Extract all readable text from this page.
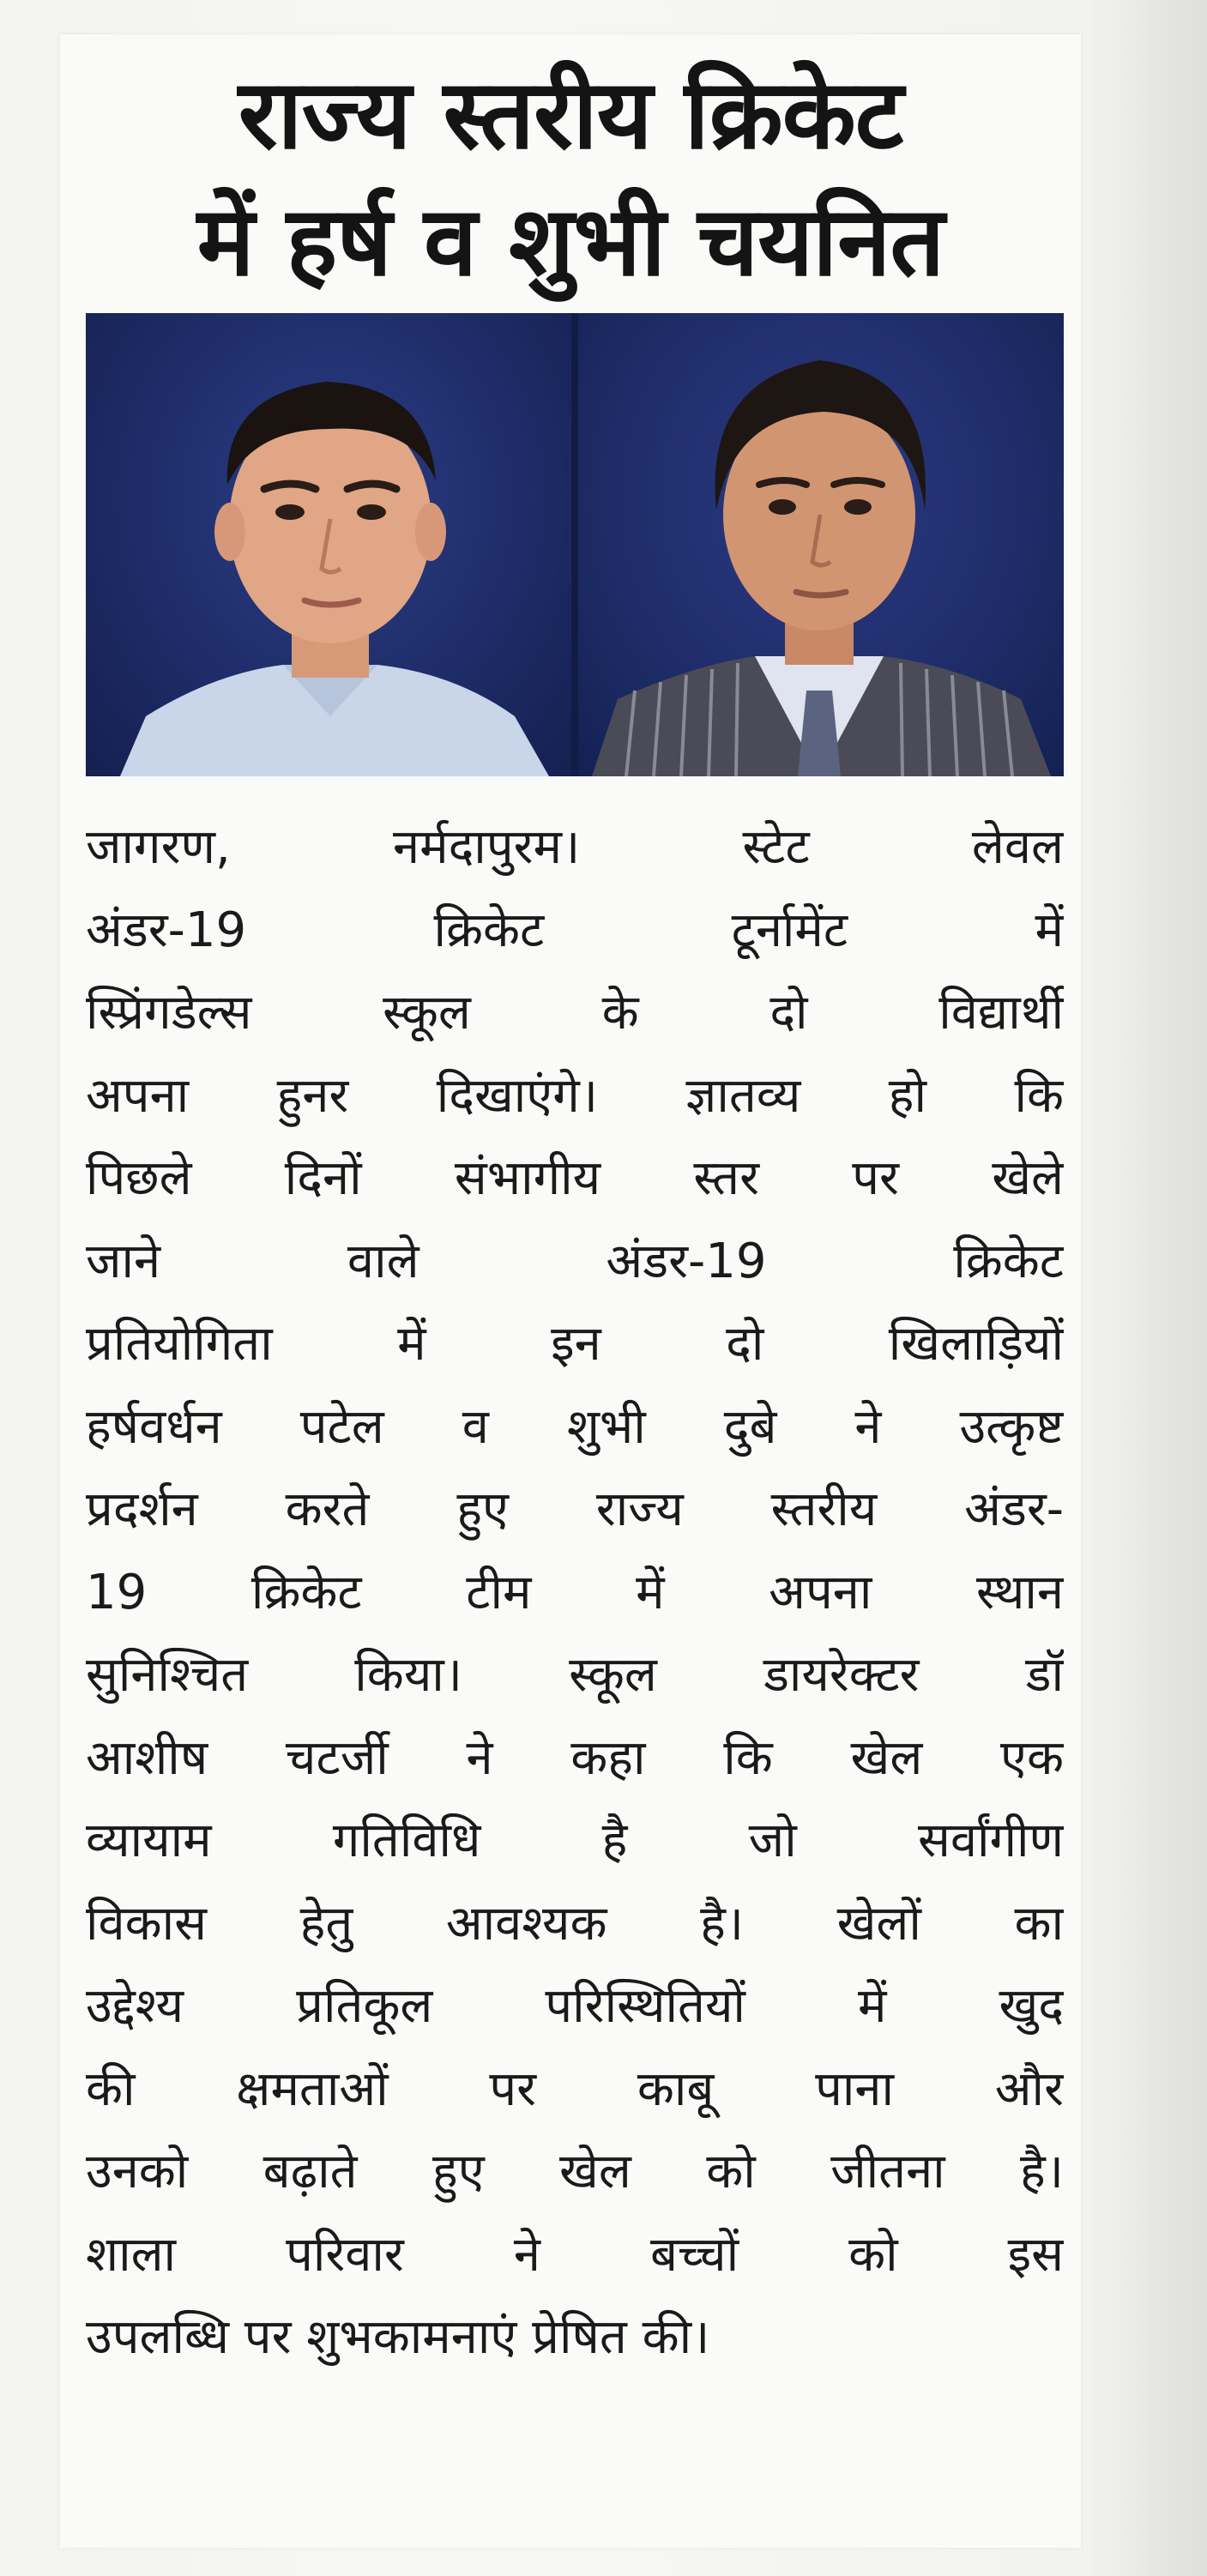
राज्य स्तरीय क्रिकेट
में हर्ष व शुभी चयनित
जागरण, नर्मदापुरम। स्टेट लेवल
अंडर-19 क्रिकेट टूर्नामेंट में
स्प्रिंगडेल्स स्कूल के दो विद्यार्थी
अपना हुनर दिखाएंगे। ज्ञातव्य हो कि
पिछले दिनों संभागीय स्तर पर खेले
जाने वाले अंडर-19 क्रिकेट
प्रतियोगिता में इन दो खिलाड़ियों
हर्षवर्धन पटेल व शुभी दुबे ने उत्कृष्ट
प्रदर्शन करते हुए राज्य स्तरीय अंडर-
19 क्रिकेट टीम में अपना स्थान
सुनिश्चित किया। स्कूल डायरेक्टर डॉ
आशीष चटर्जी ने कहा कि खेल एक
व्यायाम गतिविधि है जो सर्वांगीण
विकास हेतु आवश्यक है। खेलों का
उद्देश्य प्रतिकूल परिस्थितियों में खुद
की क्षमताओं पर काबू पाना और
उनको बढ़ाते हुए खेल को जीतना है।
शाला परिवार ने बच्चों को इस
उपलब्धि पर शुभकामनाएं प्रेषित की।
